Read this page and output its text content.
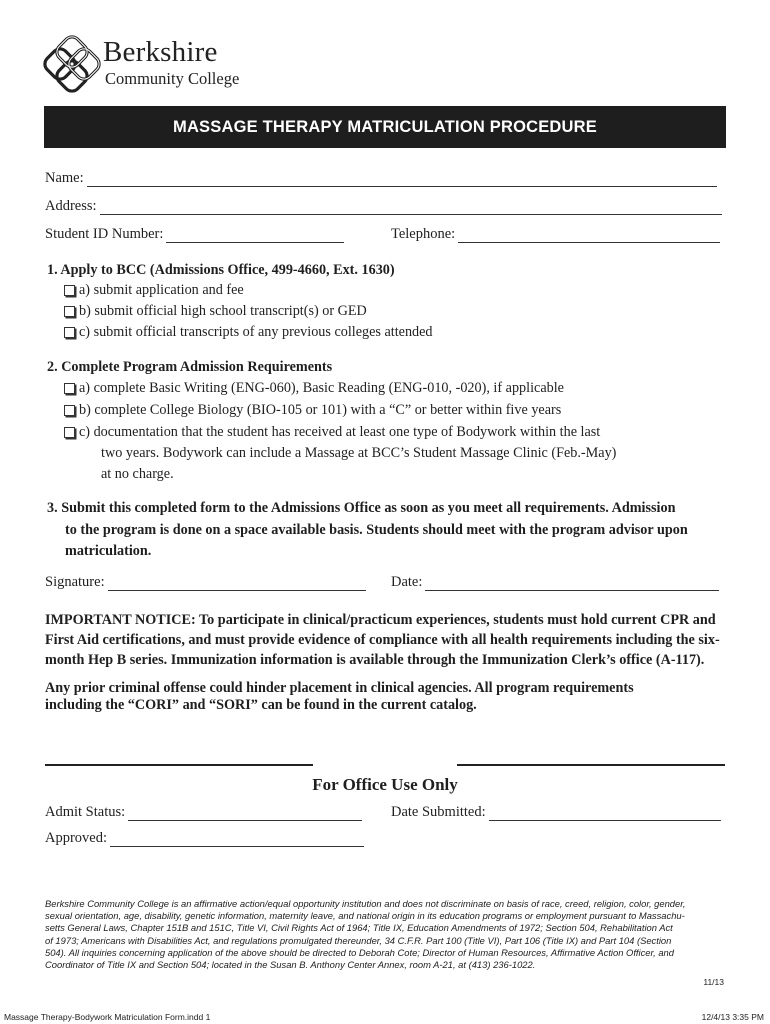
Berkshire
Community College
MASSAGE THERAPY MATRICULATION PROCEDURE
Name:
Address:
Student ID Number:	Telephone:
1. Apply to BCC (Admissions Office, 499-4660, Ext. 1630)
a) submit application and fee
b) submit official high school transcript(s) or GED
c) submit official transcripts of any previous colleges attended
2. Complete Program Admission Requirements
a) complete Basic Writing (ENG-060), Basic Reading (ENG-010, -020), if applicable
b) complete College Biology (BIO-105 or 101) with a “C” or better within five years
c) documentation that the student has received at least one type of Bodywork within the last
two years. Bodywork can include a Massage at BCC’s Student Massage Clinic (Feb.-May)
at no charge.
3. Submit this completed form to the Admissions Office as soon as you meet all requirements. Admission
to the program is done on a space available basis. Students should meet with the program advisor upon
matriculation.
Signature:	Date:
IMPORTANT NOTICE: To participate in clinical/practicum experiences, students must hold current CPR and
First Aid certifications, and must provide evidence of compliance with all health requirements including the six-
month Hep B series. Immunization information is available through the Immunization Clerk’s office (A-117).
Any prior criminal offense could hinder placement in clinical agencies. All program requirements
including the “CORI” and “SORI” can be found in the current catalog.
For Office Use Only
Admit Status:	Date Submitted:
Approved:
Berkshire Community College is an affirmative action/equal opportunity institution and does not discriminate on basis of race, creed, religion, color, gender,
sexual orientation, age, disability, genetic information, maternity leave, and national origin in its education programs or employment pursuant to Massachu-
setts General Laws, Chapter 151B and 151C, Title VI, Civil Rights Act of 1964; Title IX, Education Amendments of 1972; Section 504, Rehabilitation Act
of 1973; Americans with Disabilities Act, and regulations promulgated thereunder, 34 C.F.R. Part 100 (Title VI), Part 106 (Title IX) and Part 104 (Section
504). All inquiries concerning application of the above should be directed to Deborah Cote; Director of Human Resources, Affirmative Action Officer, and
Coordinator of Title IX and Section 504; located in the Susan B. Anthony Center Annex, room A-21, at (413) 236-1022.
11/13
Massage Therapy-Bodywork Matriculation Form.indd 1	12/4/13 3:35 PM
